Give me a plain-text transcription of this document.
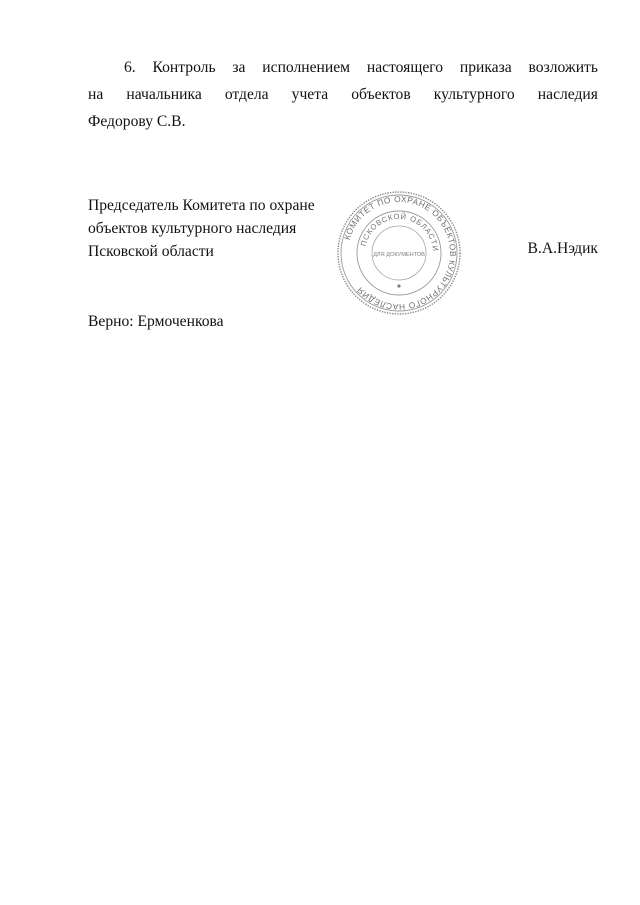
6. Контроль за исполнением настоящего приказа возложить
на начальника отдела учета объектов культурного наследия
Федорову С.В.
Председатель Комитета по охране
объектов культурного наследия
Псковской области
КОМИТЕТ ПО ОХРАНЕ ОБЪЕКТОВ КУЛЬТУРНОГО НАСЛЕДИЯ
ПСКОВСКОЙ ОБЛАСТИ
ДЛЯ ДОКУМЕНТОВ	В.А.Нэдик
Верно: Ермоченкова
